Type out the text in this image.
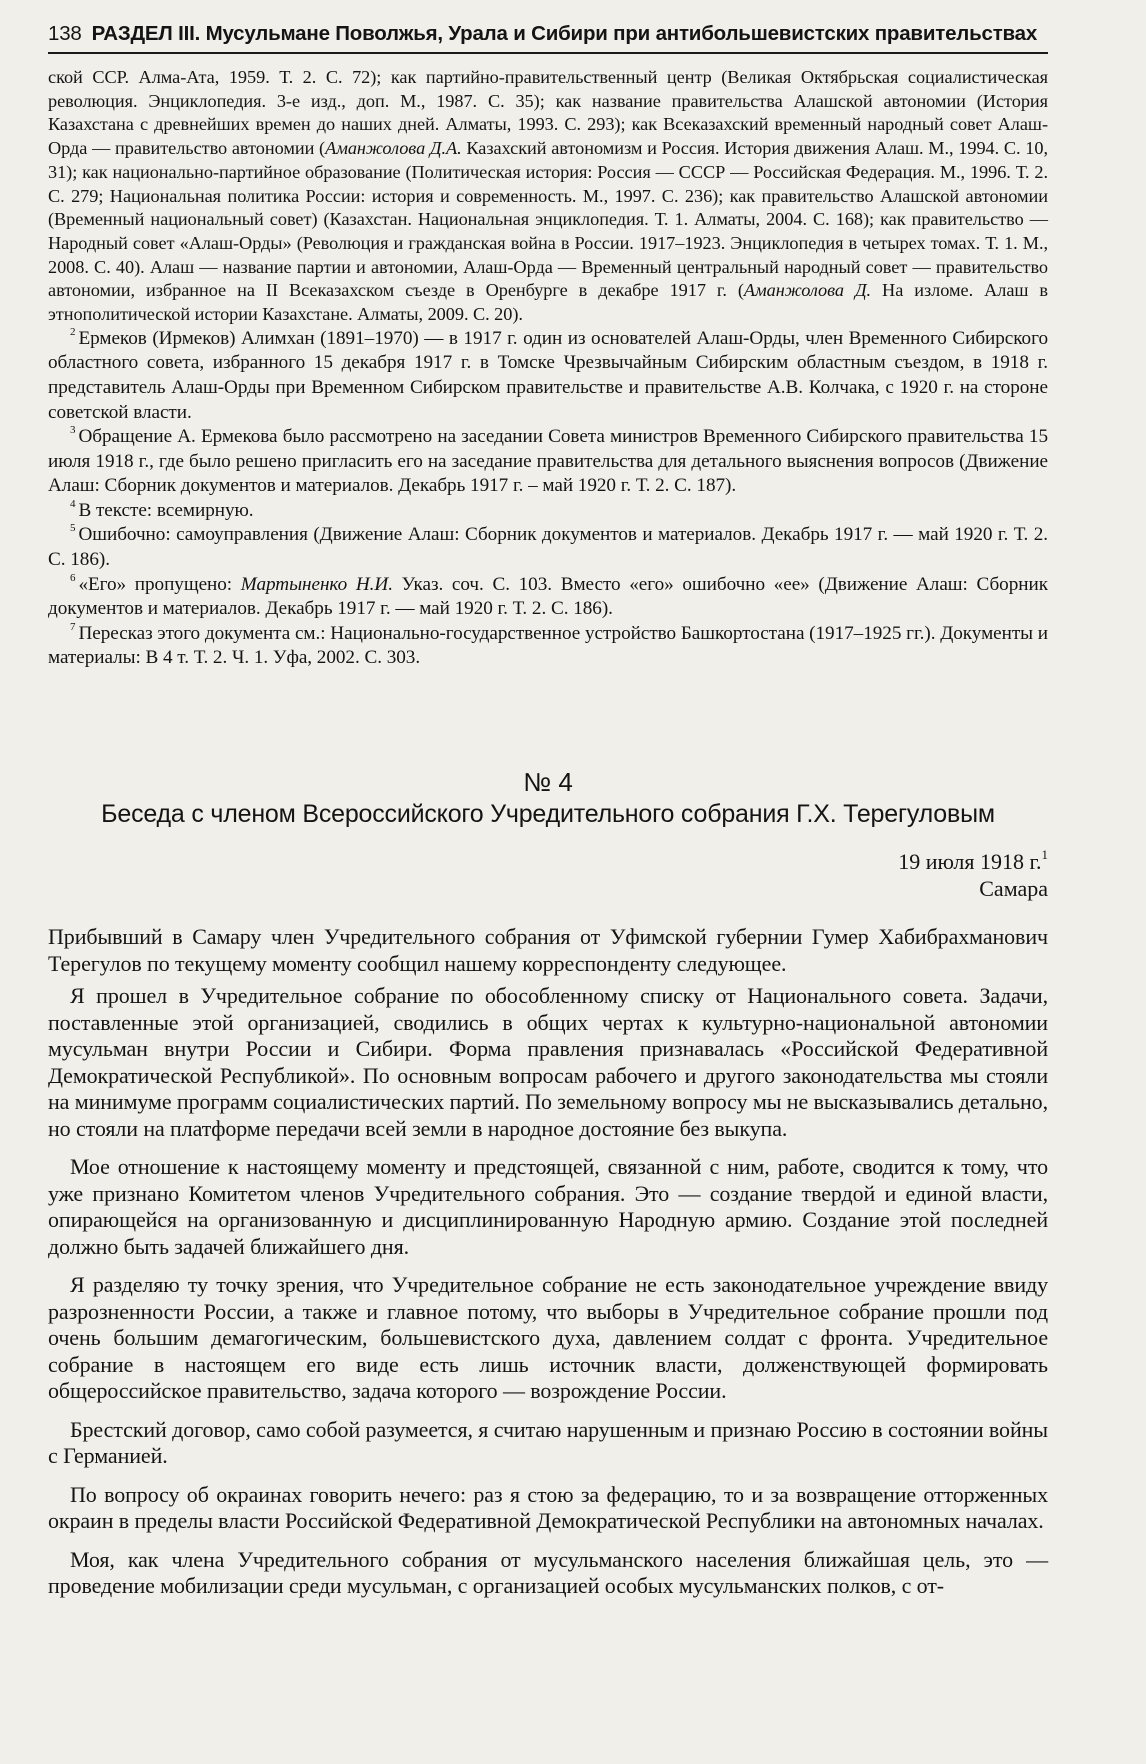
138 РАЗДЕЛ III. Мусульмане Поволжья, Урала и Сибири при антибольшевистских правительствах

ской ССР. Алма-Ата, 1959. Т. 2. С. 72); как партийно-правительственный центр (Великая Октябрьская социалистическая революция. Энциклопедия. 3-е изд., доп. М., 1987. С. 35); как название правительства Алашской автономии (История Казахстана с древнейших времен до наших дней. Алматы, 1993. С. 293); как Всеказахский временный народный совет Алаш-Орда — правительство автономии (Аманжолова Д.А. Казахский автономизм и Россия. История движения Алаш. М., 1994. С. 10, 31); как национально-партийное образование (Политическая история: Россия — СССР — Российская Федерация. М., 1996. Т. 2. С. 279; Национальная политика России: история и современность. М., 1997. С. 236); как правительство Алашской автономии (Временный национальный совет) (Казахстан. Национальная энциклопедия. Т. 1. Алматы, 2004. С. 168); как правительство — Народный совет «Алаш-Орды» (Революция и гражданская война в России. 1917–1923. Энциклопедия в четырех томах. Т. 1. М., 2008. С. 40). Алаш — название партии и автономии, Алаш-Орда — Временный центральный народный совет — правительство автономии, избранное на II Всеказахском съезде в Оренбурге в декабре 1917 г. (Аманжолова Д. На изломе. Алаш в этнополитической истории Казахстане. Алматы, 2009. С. 20).

$^2$ Ермеков (Ирмеков) Алимхан (1891–1970) — в 1917 г. один из основателей Алаш-Орды, член Временного Сибирского областного совета, избранного 15 декабря 1917 г. в Томске Чрезвычайным Сибирским областным съездом, в 1918 г. представитель Алаш-Орды при Временном Сибирском правительстве и правительстве А.В. Колчака, с 1920 г. на стороне советской власти.

$^3$ Обращение А. Ермекова было рассмотрено на заседании Совета министров Временного Сибирского правительства 15 июля 1918 г., где было решено пригласить его на заседание правительства для детального выяснения вопросов (Движение Алаш: Сборник документов и материалов. Декабрь 1917 г. – май 1920 г. Т. 2. С. 187).

$^4$ В тексте: всемирную.

$^5$ Ошибочно: самоуправления (Движение Алаш: Сборник документов и материалов. Декабрь 1917 г. — май 1920 г. Т. 2. С. 186).

$^6$ «Его» пропущено: Мартыненко Н.И. Указ. соч. С. 103. Вместо «его» ошибочно «ее» (Движение Алаш: Сборник документов и материалов. Декабрь 1917 г. — май 1920 г. Т. 2. С. 186).

$^7$ Пересказ этого документа см.: Национально-государственное устройство Башкортостана (1917–1925 гг.). Документы и материалы: В 4 т. Т. 2. Ч. 1. Уфа, 2002. С. 303.

№ 4
Беседа с членом Всероссийского Учредительного собрания Г.Х. Терегуловым
19 июля 1918 г.$^1$
Самара

Прибывший в Самару член Учредительного собрания от Уфимской губернии Гумер Хабибрахманович Терегулов по текущему моменту сообщил нашему корреспонденту следующее.

Я прошел в Учредительное собрание по обособленному списку от Национального совета. Задачи, поставленные этой организацией, сводились в общих чертах к культурно-национальной автономии мусульман внутри России и Сибири. Форма правления признавалась «Российской Федеративной Демократической Республикой». По основным вопросам рабочего и другого законодательства мы стояли на минимуме программ социалистических партий. По земельному вопросу мы не высказывались детально, но стояли на платформе передачи всей земли в народное достояние без выкупа.

Мое отношение к настоящему моменту и предстоящей, связанной с ним, работе, сводится к тому, что уже признано Комитетом членов Учредительного собрания. Это — создание твердой и единой власти, опирающейся на организованную и дисциплинированную Народную армию. Создание этой последней должно быть задачей ближайшего дня.

Я разделяю ту точку зрения, что Учредительное собрание не есть законодательное учреждение ввиду разрозненности России, а также и главное потому, что выборы в Учредительное собрание прошли под очень большим демагогическим, большевистского духа, давлением солдат с фронта. Учредительное собрание в настоящем его виде есть лишь источник власти, долженствующей формировать общероссийское правительство, задача которого — возрождение России.

Брестский договор, само собой разумеется, я считаю нарушенным и признаю Россию в состоянии войны с Германией.

По вопросу об окраинах говорить нечего: раз я стою за федерацию, то и за возвращение отторженных окраин в пределы власти Российской Федеративной Демократической Республики на автономных началах.

Моя, как члена Учредительного собрания от мусульманского населения ближайшая цель, это — проведение мобилизации среди мусульман, с организацией особых мусульманских полков, с от-
